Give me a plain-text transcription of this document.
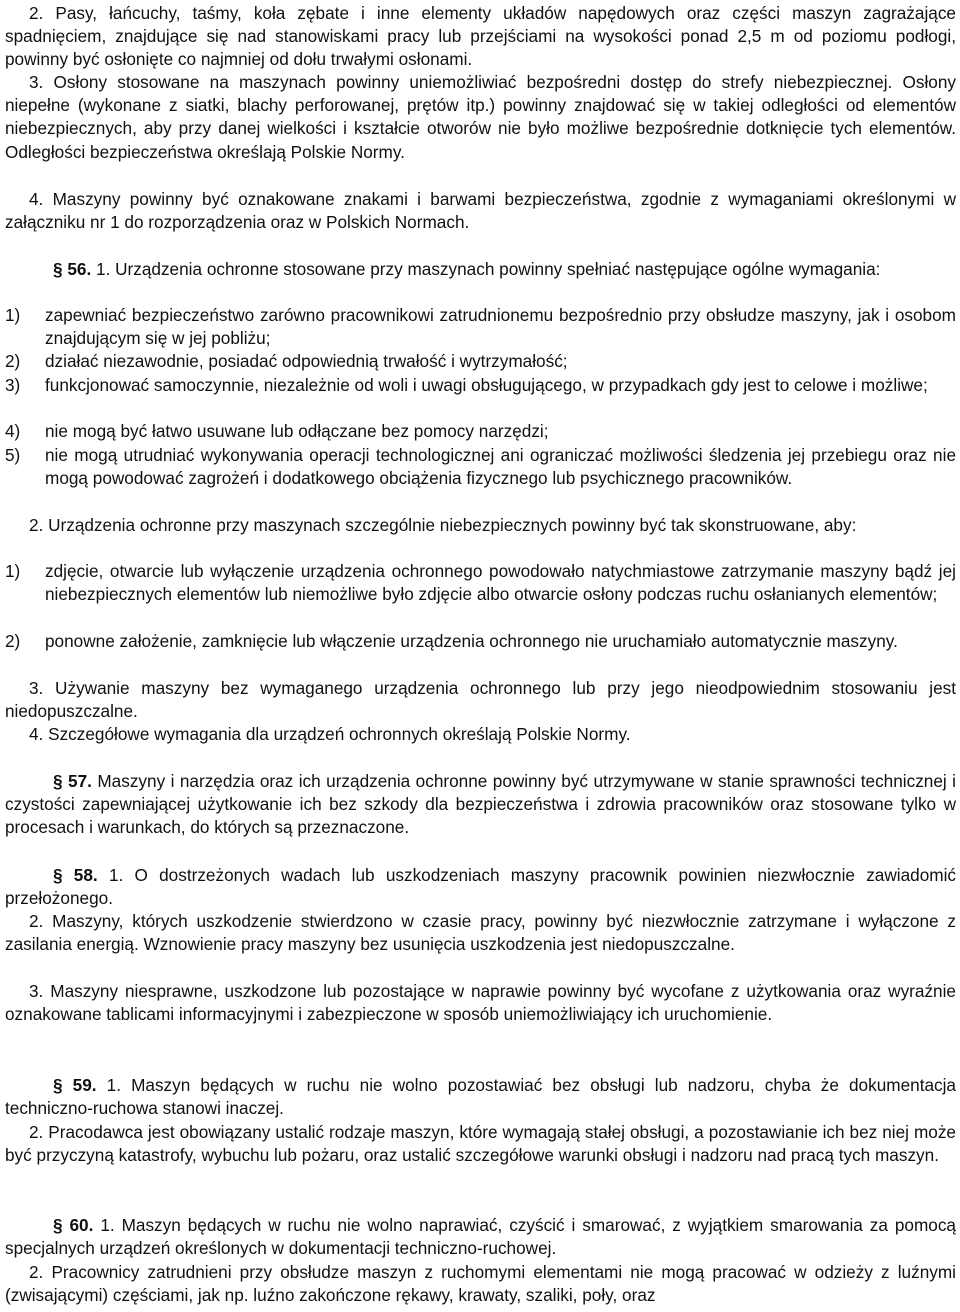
2. Pasy, łańcuchy, taśmy, koła zębate i inne elementy układów napędowych oraz części maszyn zagrażające spadnięciem, znajdujące się nad stanowiskami pracy lub przejściami na wysokości ponad 2,5 m od poziomu podłogi, powinny być osłonięte co najmniej od dołu trwałymi osłonami.

3. Osłony stosowane na maszynach powinny uniemożliwiać bezpośredni dostęp do strefy niebezpiecznej. Osłony niepełne (wykonane z siatki, blachy perforowanej, prętów itp.) powinny znajdować się w takiej odległości od elementów niebezpiecznych, aby przy danej wielkości i kształcie otworów nie było możliwe bezpośrednie dotknięcie tych elementów. Odległości bezpieczeństwa określają Polskie Normy.

4. Maszyny powinny być oznakowane znakami i barwami bezpieczeństwa, zgodnie z wymaganiami określonymi w załączniku nr 1 do rozporządzenia oraz w Polskich Normach.

§ 56. 1. Urządzenia ochronne stosowane przy maszynach powinny spełniać następujące ogólne wymagania:

1) zapewniać bezpieczeństwo zarówno pracownikowi zatrudnionemu bezpośrednio przy obsłudze maszyny, jak i osobom znajdującym się w jej pobliżu;
2) działać niezawodnie, posiadać odpowiednią trwałość i wytrzymałość;
3) funkcjonować samoczynnie, niezależnie od woli i uwagi obsługującego, w przypadkach gdy jest to celowe i możliwe;
4) nie mogą być łatwo usuwane lub odłączane bez pomocy narzędzi;
5) nie mogą utrudniać wykonywania operacji technologicznej ani ograniczać możliwości śledzenia jej przebiegu oraz nie mogą powodować zagrożeń i dodatkowego obciążenia fizycznego lub psychicznego pracowników.

2. Urządzenia ochronne przy maszynach szczególnie niebezpiecznych powinny być tak skonstruowane, aby:

1) zdjęcie, otwarcie lub wyłączenie urządzenia ochronnego powodowało natychmiastowe zatrzymanie maszyny bądź jej niebezpiecznych elementów lub niemożliwe było zdjęcie albo otwarcie osłony podczas ruchu osłanianych elementów;
2) ponowne założenie, zamknięcie lub włączenie urządzenia ochronnego nie uruchamiało automatycznie maszyny.

3. Używanie maszyny bez wymaganego urządzenia ochronnego lub przy jego nieodpowiednim stosowaniu jest niedopuszczalne.

4. Szczegółowe wymagania dla urządzeń ochronnych określają Polskie Normy.

§ 57. Maszyny i narzędzia oraz ich urządzenia ochronne powinny być utrzymywane w stanie sprawności technicznej i czystości zapewniającej użytkowanie ich bez szkody dla bezpieczeństwa i zdrowia pracowników oraz stosowane tylko w procesach i warunkach, do których są przeznaczone.

§ 58. 1. O dostrzeżonych wadach lub uszkodzeniach maszyny pracownik powinien niezwłocznie zawiadomić przełożonego.

2. Maszyny, których uszkodzenie stwierdzono w czasie pracy, powinny być niezwłocznie zatrzymane i wyłączone z zasilania energią. Wznowienie pracy maszyny bez usunięcia uszkodzenia jest niedopuszczalne.

3. Maszyny niesprawne, uszkodzone lub pozostające w naprawie powinny być wycofane z użytkowania oraz wyraźnie oznakowane tablicami informacyjnymi i zabezpieczone w sposób uniemożliwiający ich uruchomienie.

§ 59. 1. Maszyn będących w ruchu nie wolno pozostawiać bez obsługi lub nadzoru, chyba że dokumentacja techniczno-ruchowa stanowi inaczej.

2. Pracodawca jest obowiązany ustalić rodzaje maszyn, które wymagają stałej obsługi, a pozostawianie ich bez niej może być przyczyną katastrofy, wybuchu lub pożaru, oraz ustalić szczegółowe warunki obsługi i nadzoru nad pracą tych maszyn.

§ 60. 1. Maszyn będących w ruchu nie wolno naprawiać, czyścić i smarować, z wyjątkiem smarowania za pomocą specjalnych urządzeń określonych w dokumentacji techniczno-ruchowej.

2. Pracownicy zatrudnieni przy obsłudze maszyn z ruchomymi elementami nie mogą pracować w odzieży z luźnymi (zwisającymi) częściami, jak np. luźno zakończone rękawy, krawaty, szaliki, poły, oraz
